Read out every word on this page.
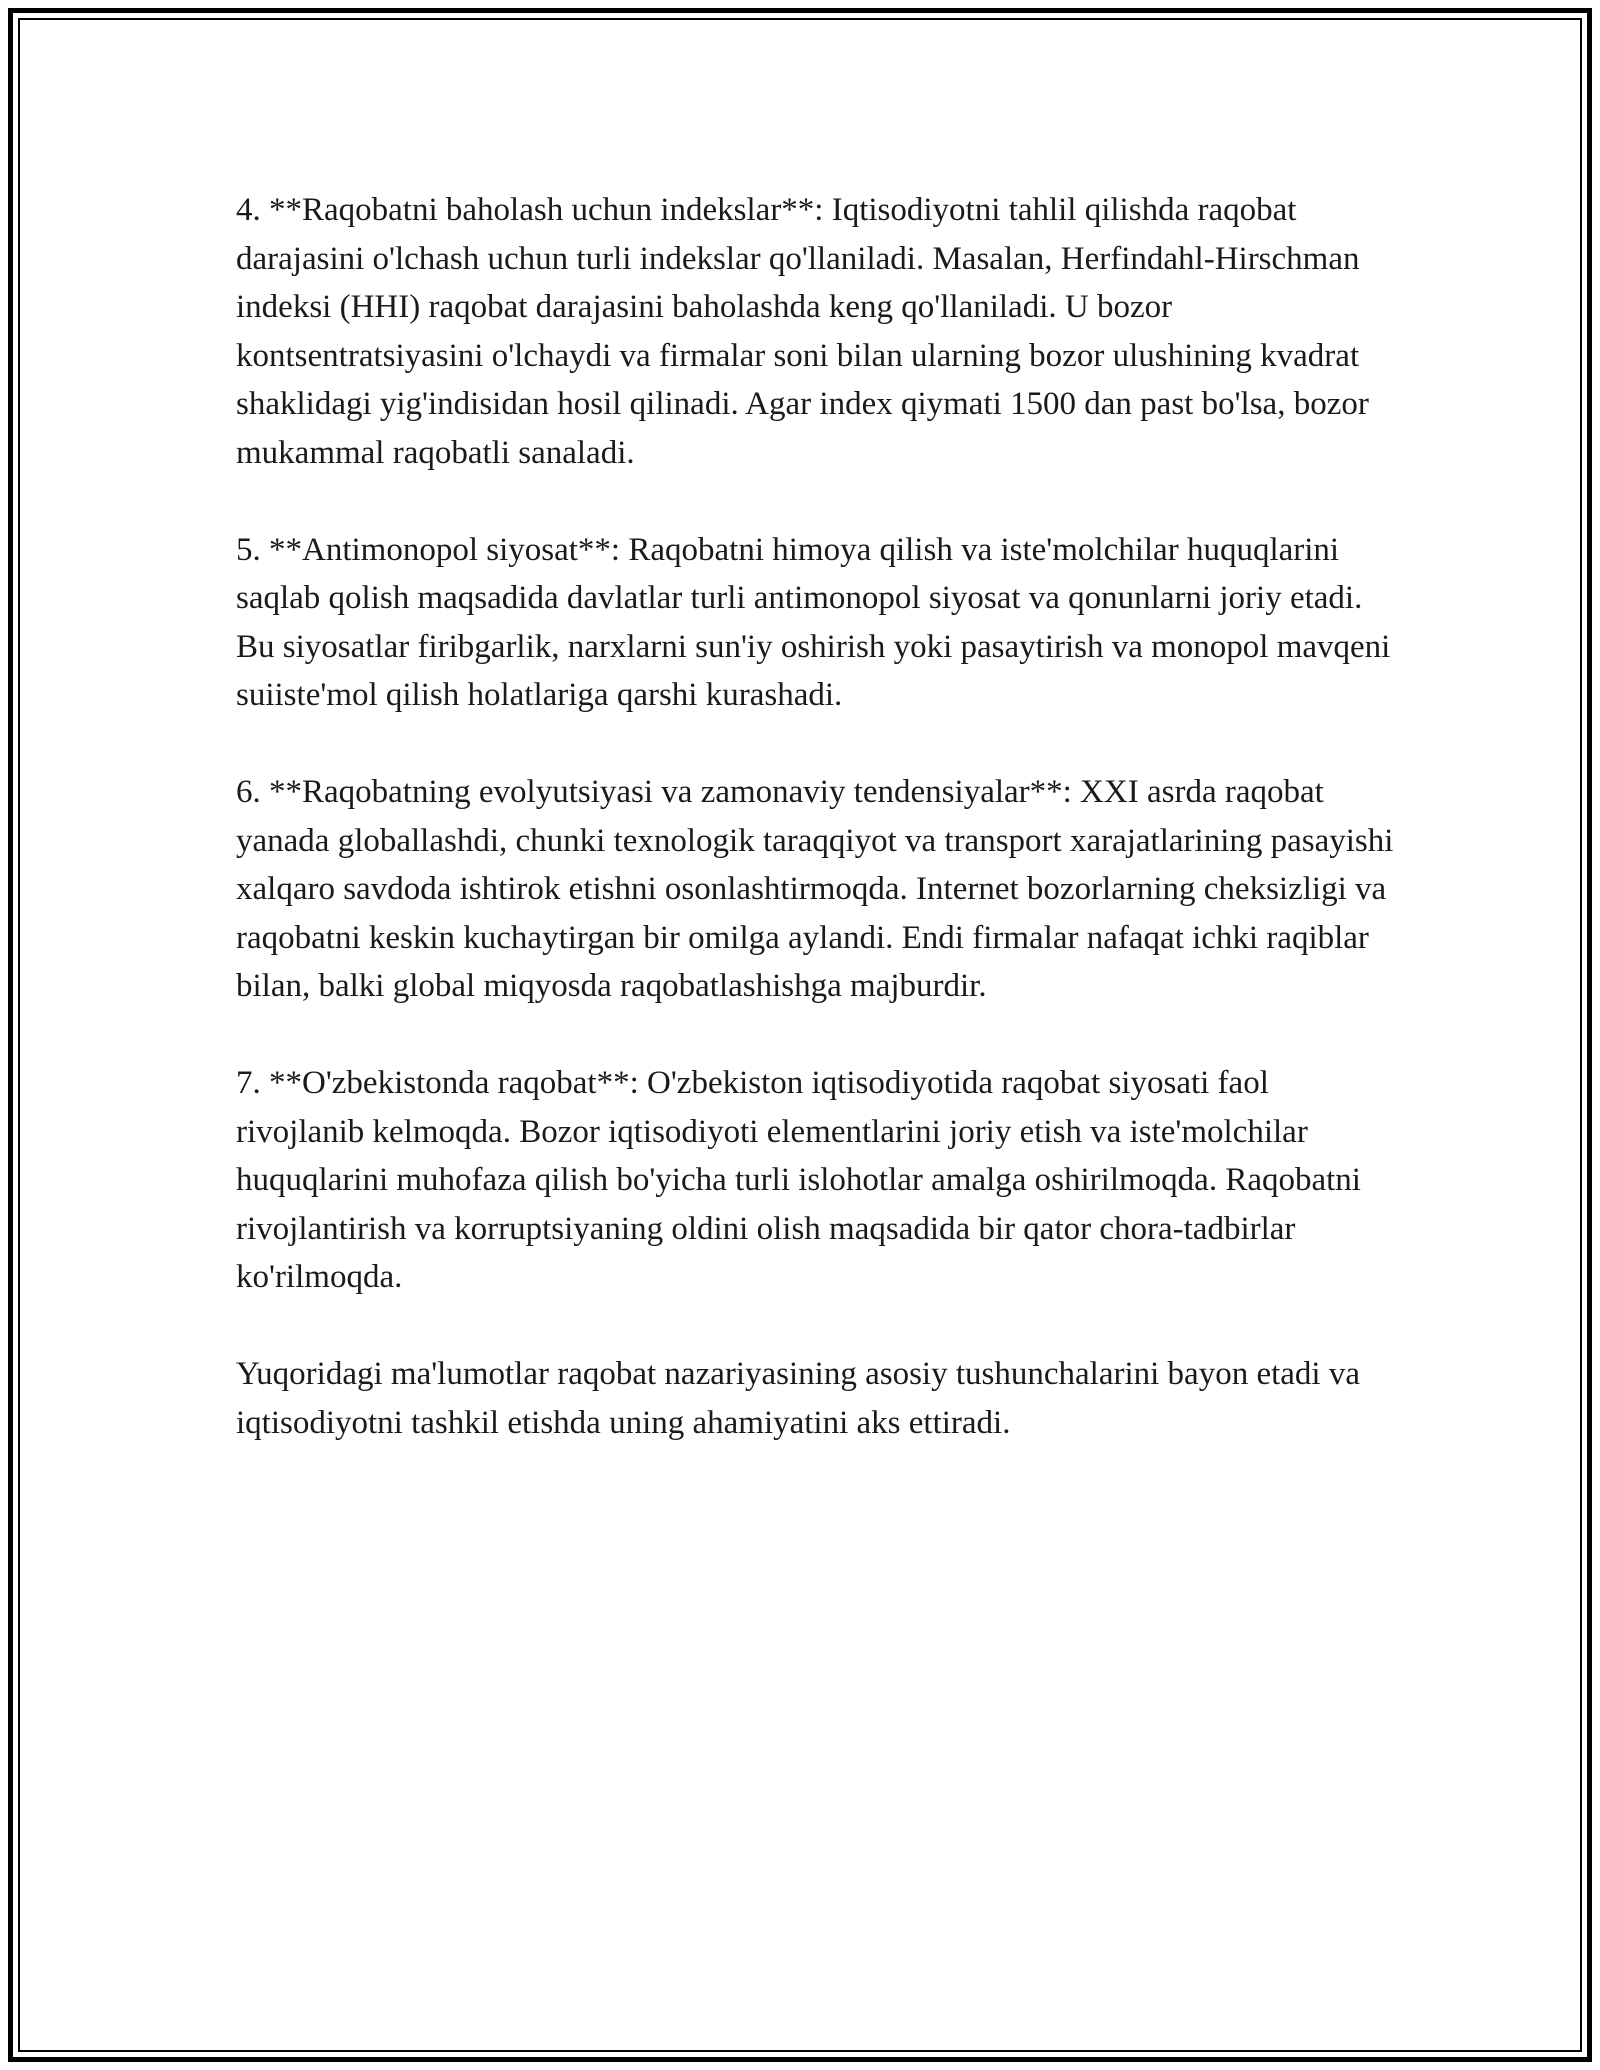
4. **Raqobatni baholash uchun indekslar**: Iqtisodiyotni tahlil qilishda raqobat darajasini o'lchash uchun turli indekslar qo'llaniladi. Masalan, Herfindahl-Hirschman indeksi (HHI) raqobat darajasini baholashda keng qo'llaniladi. U bozor kontsentratsiyasini o'lchaydi va firmalar soni bilan ularning bozor ulushining kvadrat shaklidagi yig'indisidan hosil qilinadi. Agar index qiymati 1500 dan past bo'lsa, bozor mukammal raqobatli sanaladi.

5. **Antimonopol siyosat**: Raqobatni himoya qilish va iste'molchilar huquqlarini saqlab qolish maqsadida davlatlar turli antimonopol siyosat va qonunlarni joriy etadi. Bu siyosatlar firibgarlik, narxlarni sun'iy oshirish yoki pasaytirish va monopol mavqeni suiiste'mol qilish holatlariga qarshi kurashadi.

6. **Raqobatning evolyutsiyasi va zamonaviy tendensiyalar**: XXI asrda raqobat yanada globallashdi, chunki texnologik taraqqiyot va transport xarajatlarining pasayishi xalqaro savdoda ishtirok etishni osonlashtirmoqda. Internet bozorlarning cheksizligi va raqobatni keskin kuchaytirgan bir omilga aylandi. Endi firmalar nafaqat ichki raqiblar bilan, balki global miqyosda raqobatlashishga majburdir.

7. **O'zbekistonda raqobat**: O'zbekiston iqtisodiyotida raqobat siyosati faol rivojlanib kelmoqda. Bozor iqtisodiyoti elementlarini joriy etish va iste'molchilar huquqlarini muhofaza qilish bo'yicha turli islohotlar amalga oshirilmoqda. Raqobatni rivojlantirish va korruptsiyaning oldini olish maqsadida bir qator chora-tadbirlar ko'rilmoqda.

Yuqoridagi ma'lumotlar raqobat nazariyasining asosiy tushunchalarini bayon etadi va iqtisodiyotni tashkil etishda uning ahamiyatini aks ettiradi.
